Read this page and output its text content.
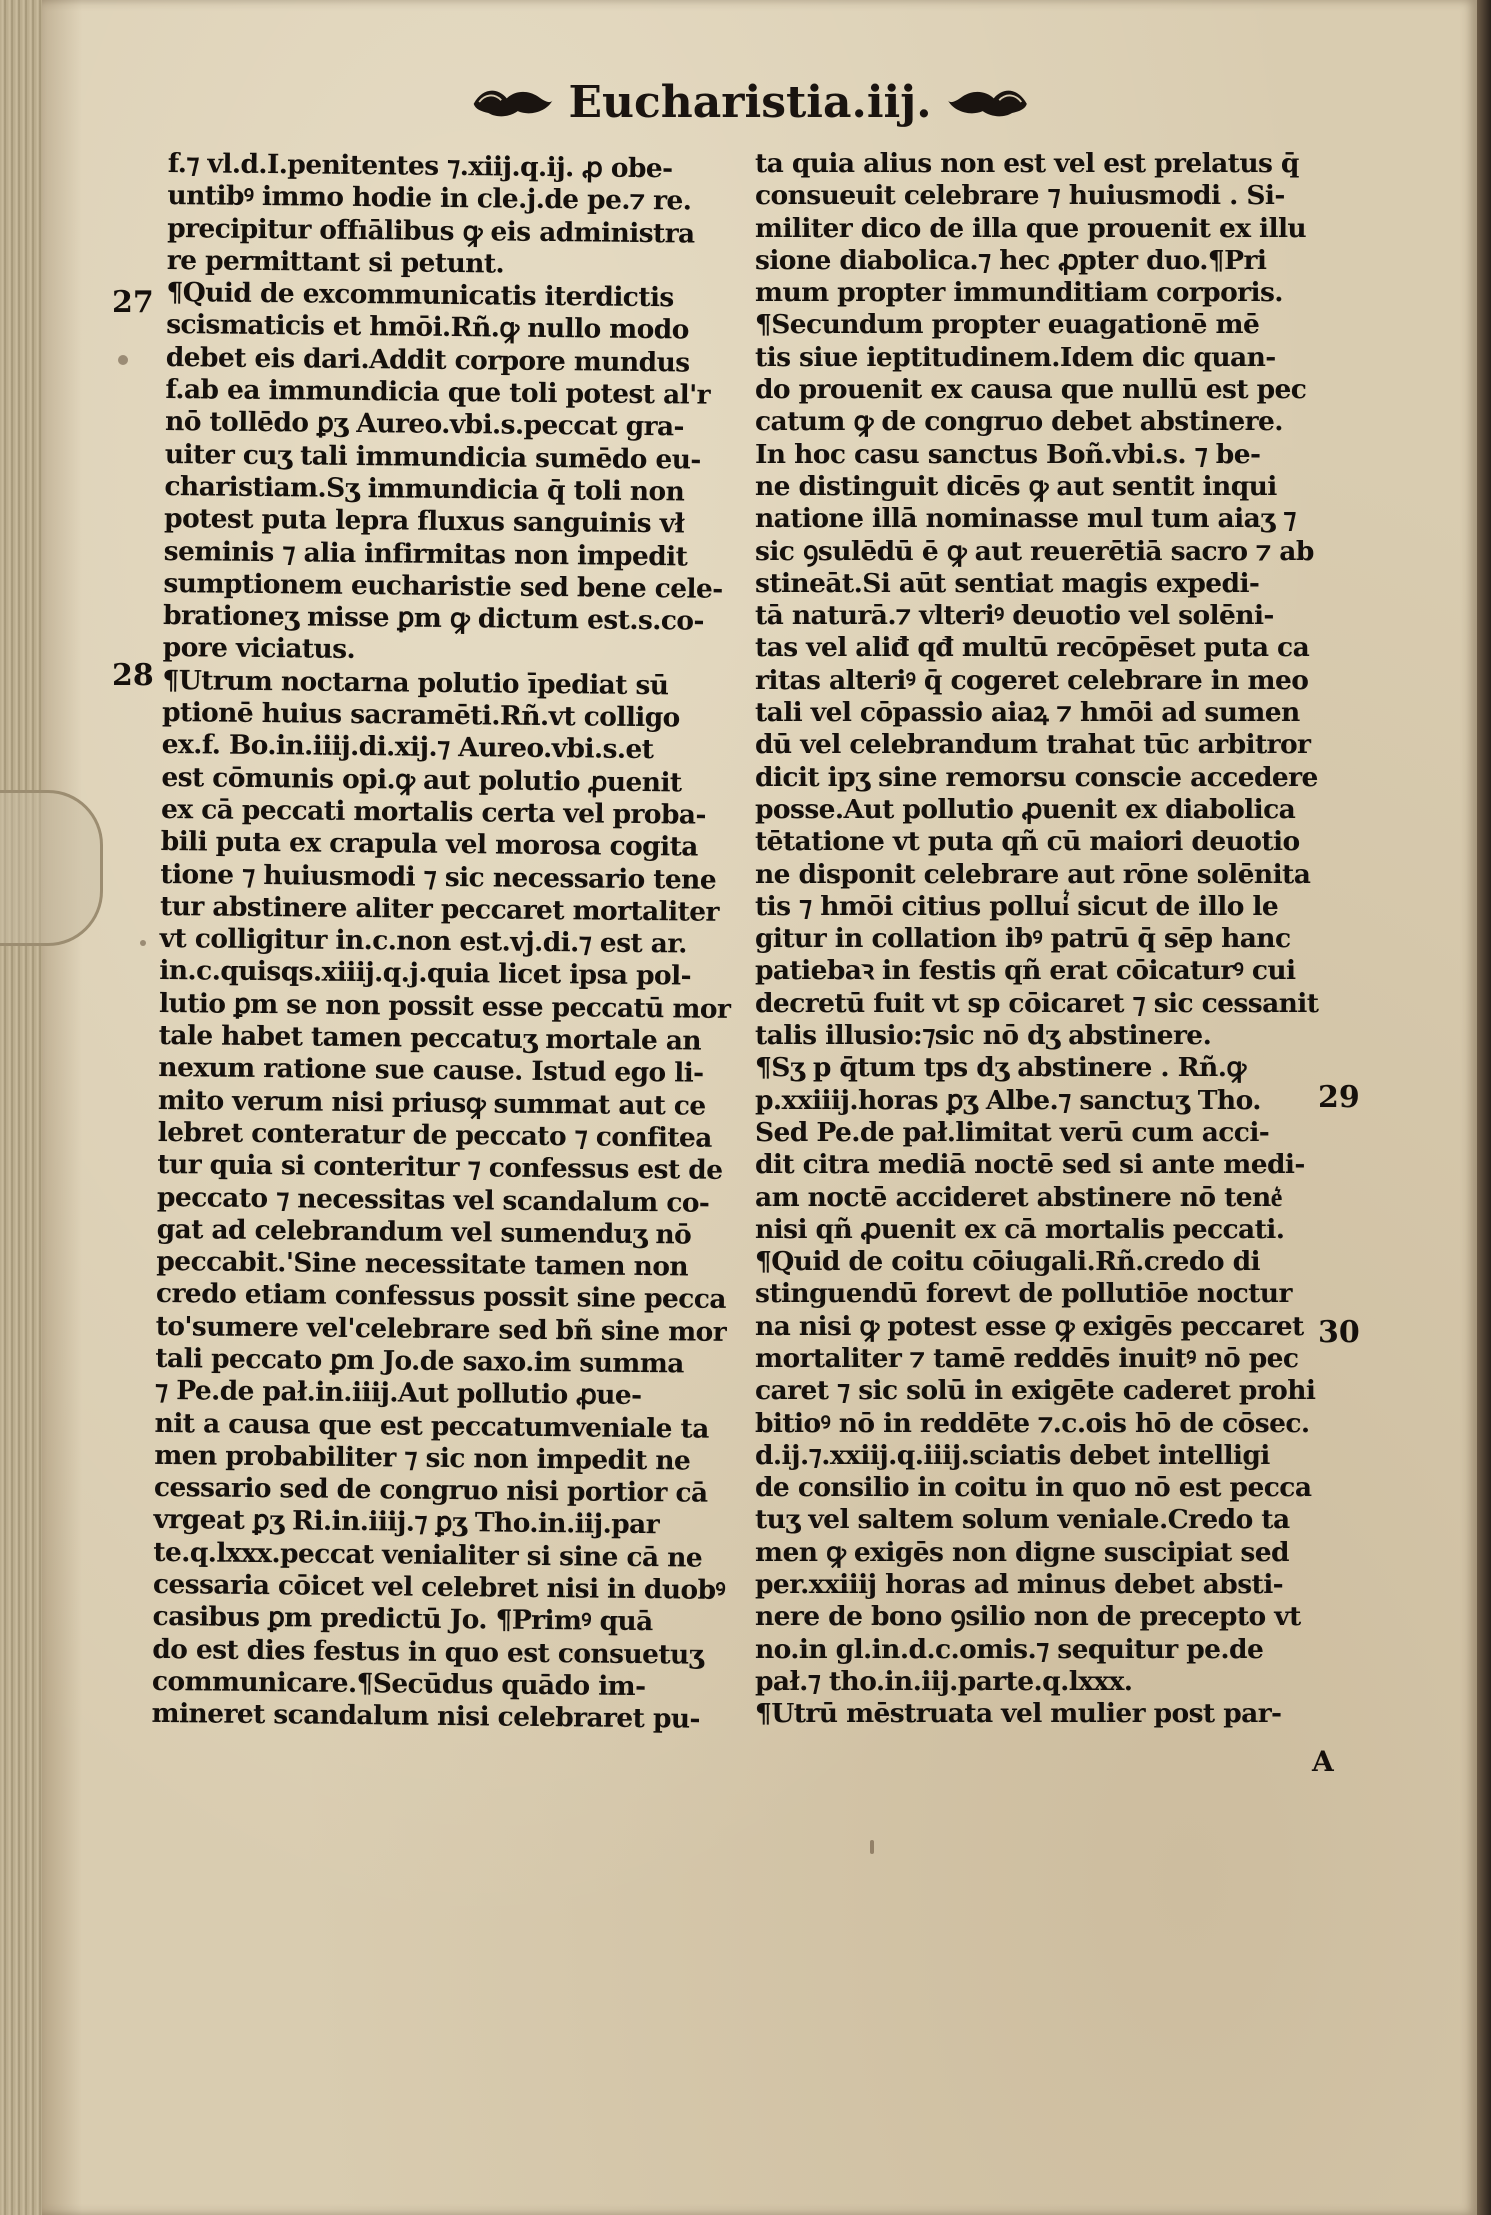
Eucharistia.iij.
27
28
29
30
f.⁊ vl.d.I.penitentes ⁊.xiij.q.ij. ꝓ obe-
untibꝰ immo hodie in cle.j.de pe.⁊ re.
precipitur offıālibus ꝙ eis administra
re permittant si petunt.
¶Quid de excommunicatis iterdictis
scismaticis et hmōi.Rñ.ꝙ nullo modo
debet eis dari.Addit corpore mundus
f.ab ea immundicia que toli potest al'r
nō tollēdo ꝑʒ Aureo.vbi.s.peccat gra-
uiter cuʒ tali immundicia sumēdo eu-
charistiam.Sʒ immundicia q̄ toli non
potest puta lepra fluxus sanguinis vł
seminis ⁊ alia infirmitas non impedit
sumptionem eucharistie sed bene cele-
brationeʒ misse ꝑm ꝙ dictum est.s.co-
pore viciatus.
¶Utrum noctarna polutio īpediat sū
ptionē huius sacramēti.Rñ.vt colligo
ex.f. Bo.in.iiij.di.xij.⁊ Aureo.vbi.s.et
est cōmunis opi.ꝙ aut polutio ꝓuenit
ex cā peccati mortalis certa vel proba-
bili puta ex crapula vel morosa cogita
tione ⁊ huiusmodi ⁊ sic necessario tene
tur abstinere aliter peccaret mortaliter
vt colligitur in.c.non est.vj.di.⁊ est ar.
in.c.quisqs.xiiij.q.j.quia licet ipsa pol-
lutio ꝑm se non possit esse peccatū mor
tale habet tamen peccatuʒ mortale an
nexum ratione sue cause. Istud ego li-
mito verum nisi priusꝙ summat aut ce
lebret conteratur de peccato ⁊ confitea
tur quia si conteritur ⁊ confessus est de
peccato ⁊ necessitas vel scandalum co-
gat ad celebrandum vel sumenduʒ nō
peccabit.'Sine necessitate tamen non
credo etiam confessus possit sine pecca
to'sumere vel'celebrare sed bñ sine mor
tali peccato ꝑm Jo.de saxo.im summa
⁊ Pe.de pał.in.iiij.Aut pollutio ꝓue-
nit a causa que est peccatumveniale ta
men probabiliter ⁊ sic non impedit ne
cessario sed de congruo nisi portior cā
vrgeat ꝑʒ Ri.in.iiij.⁊ ꝑʒ Tho.in.iij.par
te.q.lxxx.peccat venialiter si sine cā ne
cessaria cōicet vel celebret nisi in duobꝰ
casibus ꝑm predictū Jo. ¶Primꝰ quā
do est dies festus in quo est consuetuʒ
communicare.¶Secūdus quādo im-
mineret scandalum nisi celebraret pu-
ta quia alius non est vel est prelatus q̄
consueuit celebrare ⁊ huiusmodi . Si-
militer dico de illa que prouenit ex illu
sione diabolica.⁊ hec ꝓpter duo.¶Pri
mum propter immunditiam corporis.
¶Secundum propter euagationē mē
tis siue ieptitudinem.Idem dic quan-
do prouenit ex causa que nullū est pec
catum ꝙ de congruo debet abstinere.
In hoc casu sanctus Boñ.vbi.s. ⁊ be-
ne distinguit dicēs ꝙ aut sentit inqui
natione illā nominasse mul tum aiaʒ ⁊
sic ꝯsulēdū ē ꝙ aut reuerētiā sacro ⁊ ab
stineāt.Si aūt sentiat magis expedi-
tā naturā.⁊ vlteriꝰ deuotio vel solēni-
tas vel aliđ qđ multū recōpēset puta ca
ritas alteriꝰ q̄ cogeret celebrare in meo
tali vel cōpassio aiaꝝ ⁊ hmōi ad sumen
dū vel celebrandum trahat tūc arbitror
dicit ipʒ sine remorsu conscie accedere
posse.Aut pollutio ꝓuenit ex diabolica
tētatione vt puta qñ cū maiori deuotio
ne disponit celebrare aut rōne solēnita
tis ⁊ hmōi citius pollui͛ sicut de illo le
gitur in collation ibꝰ patrū q̄ sēp hanc
patiebaꝛ in festis qñ erat cōicaturꝰ cui
decretū fuit vt sp cōicaret ⁊ sic cessanit
talis illusio:⁊sic nō dʒ abstinere.
¶Sʒ p q̄tum tps dʒ abstinere . Rñ.ꝙ
p.xxiiij.horas ꝑʒ Albe.⁊ sanctuʒ Tho.
Sed Pe.de pał.limitat verū cum acci-
dit citra mediā noctē sed si ante medi-
am noctē accideret abstinere nō tene͛
nisi qñ ꝓuenit ex cā mortalis peccati.
¶Quid de coitu cōiugali.Rñ.credo di
stinguendū forevt de pollutiōe noctur
na nisi ꝙ potest esse ꝙ exigēs peccaret
mortaliter ⁊ tamē reddēs inuitꝰ nō pec
caret ⁊ sic solū in exigēte caderet prohi
bitioꝰ nō in reddēte ⁊.c.ois hō de cōsec.
d.ij.⁊.xxiij.q.iiij.sciatis debet intelligi
de consilio in coitu in quo nō est pecca
tuʒ vel saltem solum veniale.Credo ta
men ꝙ exigēs non digne suscipiat sed
per.xxiiij horas ad minus debet absti-
nere de bono ꝯsilio non de precepto vt
no.in gl.in.d.c.omis.⁊ sequitur pe.de
pał.⁊ tho.in.iij.parte.q.lxxx.
¶Utrū mēstruata vel mulier post par-
A
